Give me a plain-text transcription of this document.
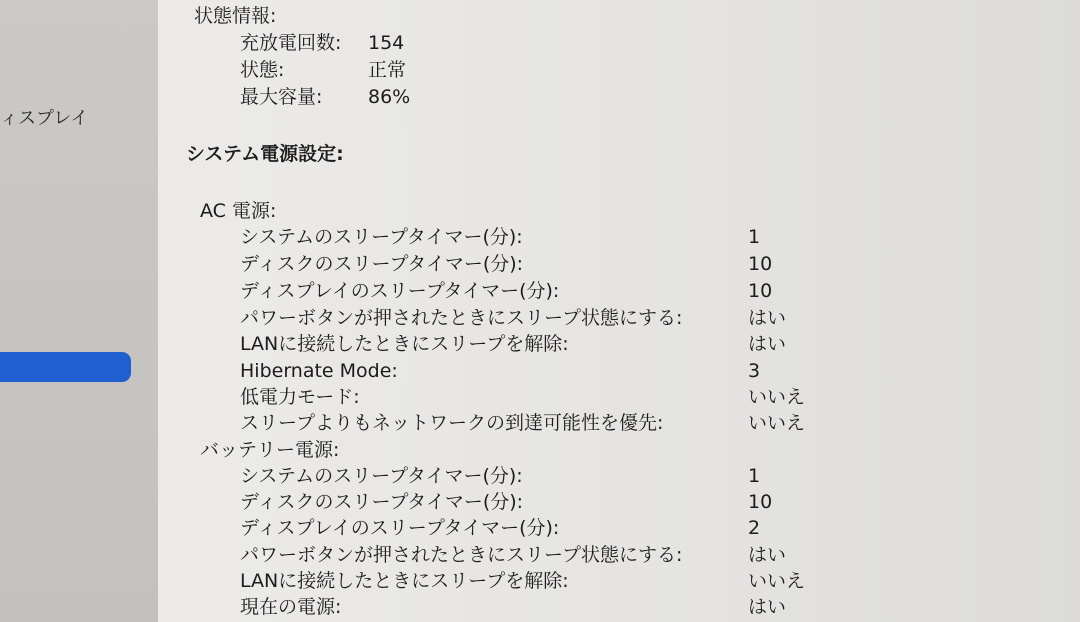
ィスプレイ
状態情報:
充放電回数: 154
状態:	正常
最大容量: 86%
システム電源設定:
AC 電源:
システムのスリープタイマー(分):	1
ディスクのスリープタイマー(分):	10
ディスプレイのスリープタイマー(分):	10
パワーボタンが押されたときにスリープ状態にする:	はい
LANに接続したときにスリープを解除:	はい
Hibernate Mode:	3
低電力モード:	いいえ
スリープよりもネットワークの到達可能性を優先:	いいえ
バッテリー電源:
システムのスリープタイマー(分):	1
ディスクのスリープタイマー(分):	10
ディスプレイのスリープタイマー(分):	2
パワーボタンが押されたときにスリープ状態にする:	はい
LANに接続したときにスリープを解除:	いいえ
現在の電源:	はい
